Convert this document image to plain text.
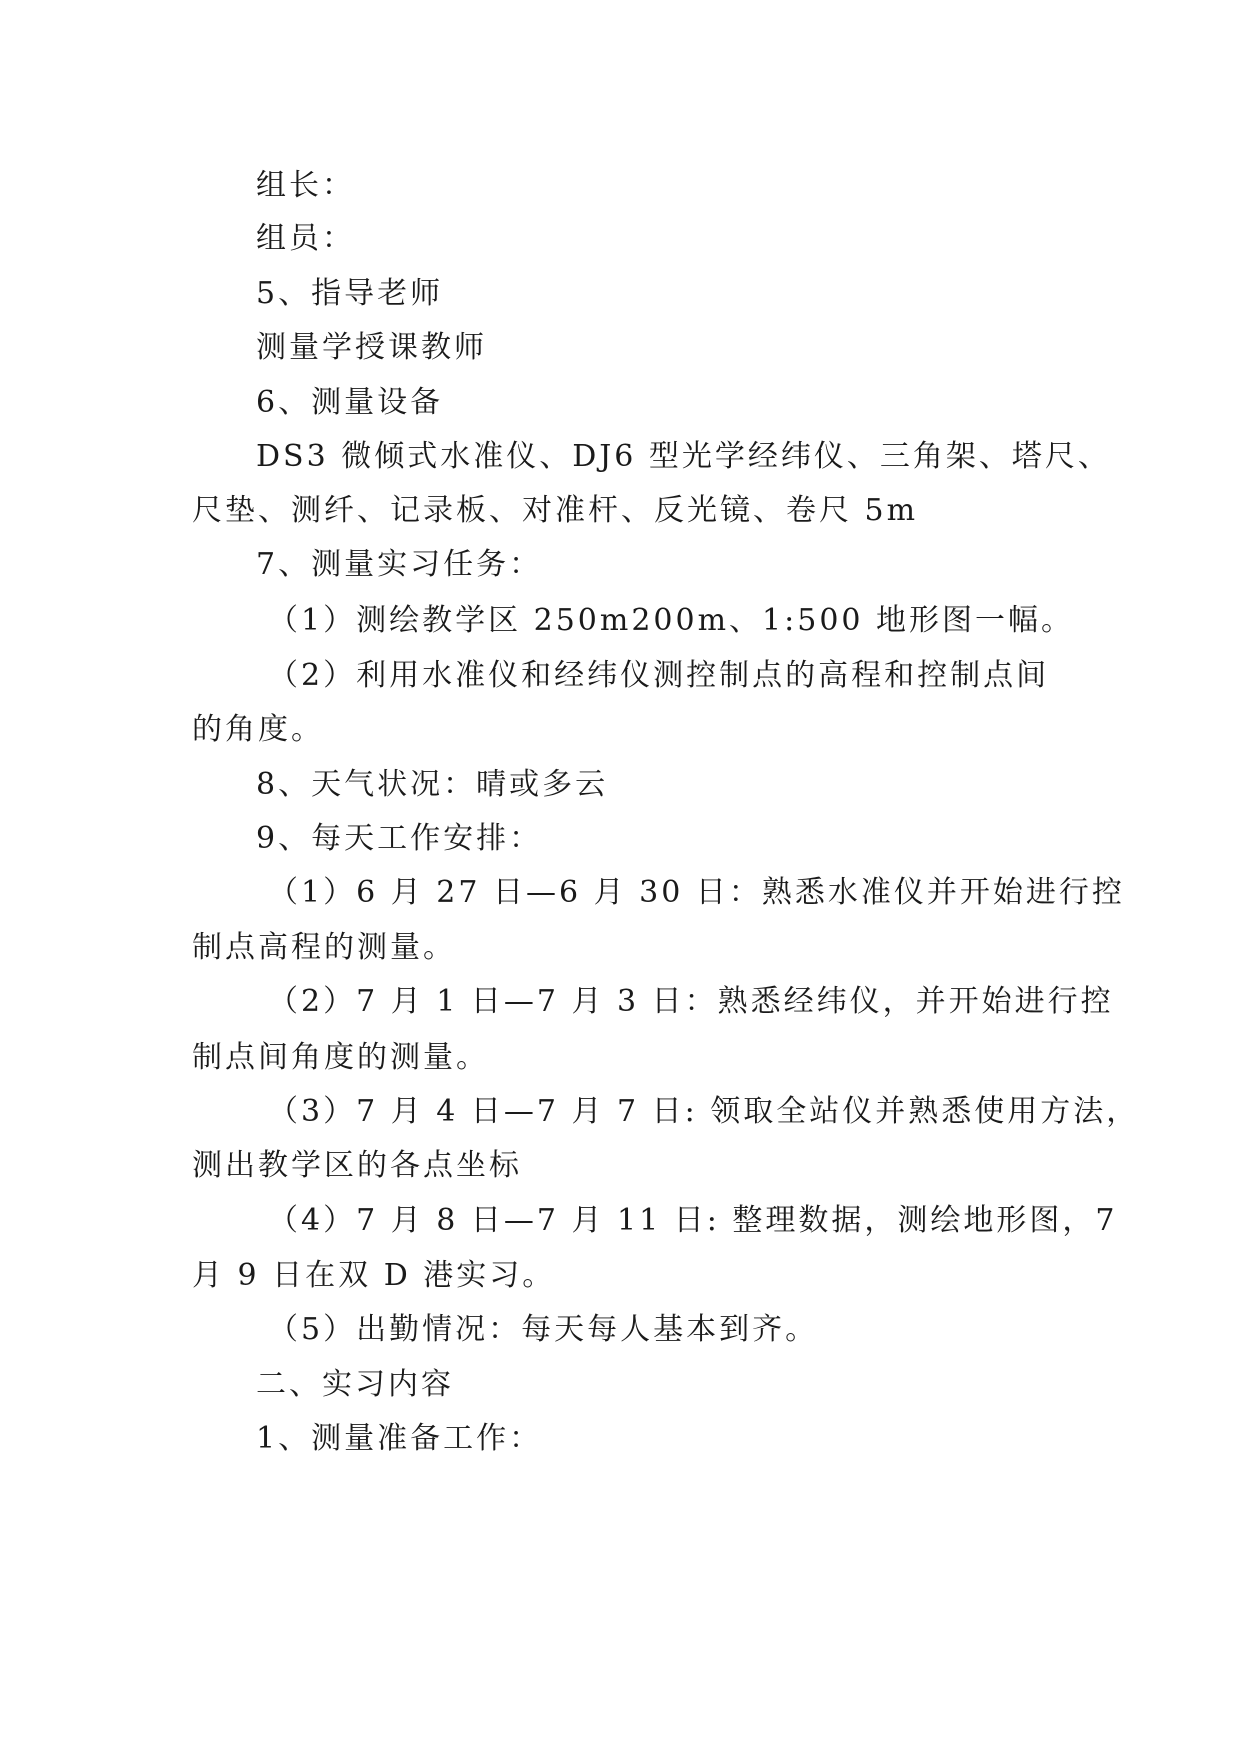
组长：
组员：
5、指导老师
测量学授课教师
6、测量设备
DS3 微倾式水准仪、DJ6 型光学经纬仪、三角架、塔尺、
尺垫、测纤、记录板、对准杆、反光镜、卷尺 5m
7、测量实习任务：
（1）测绘教学区 250m200m、1:500 地形图一幅。
（2）利用水准仪和经纬仪测控制点的高程和控制点间
的角度。
8、天气状况：晴或多云
9、每天工作安排：
（1）6 月 27 日—6 月 30 日：熟悉水准仪并开始进行控
制点高程的测量。
（2）7 月 1 日—7 月 3 日：熟悉经纬仪，并开始进行控
制点间角度的测量。
（3）7 月 4 日—7 月 7 日: 领取全站仪并熟悉使用方法，
测出教学区的各点坐标
（4）7 月 8 日—7 月 11 日: 整理数据，测绘地形图，7
月 9 日在双 D 港实习。
（5）出勤情况：每天每人基本到齐。
二、实习内容
1、测量准备工作：
